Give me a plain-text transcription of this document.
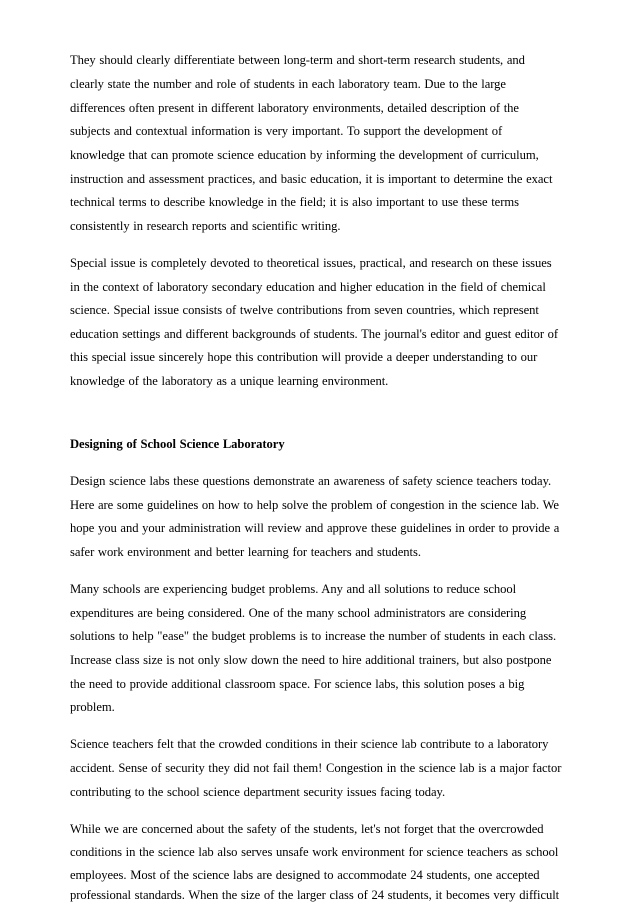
They should clearly differentiate between long-term and short-term research students, and

clearly state the number and role of students in each laboratory team. Due to the large

differences often present in different laboratory environments, detailed description of the

subjects and contextual information is very important. To support the development of

knowledge that can promote science education by informing the development of curriculum,

instruction and assessment practices, and basic education, it is important to determine the exact

technical terms to describe knowledge in the field; it is also important to use these terms

consistently in research reports and scientific writing.

Special issue is completely devoted to theoretical issues, practical, and research on these issues

in the context of laboratory secondary education and higher education in the field of chemical

science. Special issue consists of twelve contributions from seven countries, which represent

education settings and different backgrounds of students. The journal's editor and guest editor of

this special issue sincerely hope this contribution will provide a deeper understanding to our

knowledge of the laboratory as a unique learning environment.

Designing of School Science Laboratory

Design science labs these questions demonstrate an awareness of safety science teachers today.

Here are some guidelines on how to help solve the problem of congestion in the science lab. We

hope you and your administration will review and approve these guidelines in order to provide a

safer work environment and better learning for teachers and students.

Many schools are experiencing budget problems. Any and all solutions to reduce school

expenditures are being considered. One of the many school administrators are considering

solutions to help "ease" the budget problems is to increase the number of students in each class.

Increase class size is not only slow down the need to hire additional trainers, but also postpone

the need to provide additional classroom space. For science labs, this solution poses a big

problem.

Science teachers felt that the crowded conditions in their science lab contribute to a laboratory

accident. Sense of security they did not fail them! Congestion in the science lab is a major factor

contributing to the school science department security issues facing today.

While we are concerned about the safety of the students, let's not forget that the overcrowded

conditions in the science lab also serves unsafe work environment for science teachers as school

employees. Most of the science labs are designed to accommodate 24 students, one accepted

professional standards. When the size of the larger class of 24 students, it becomes very difficult
